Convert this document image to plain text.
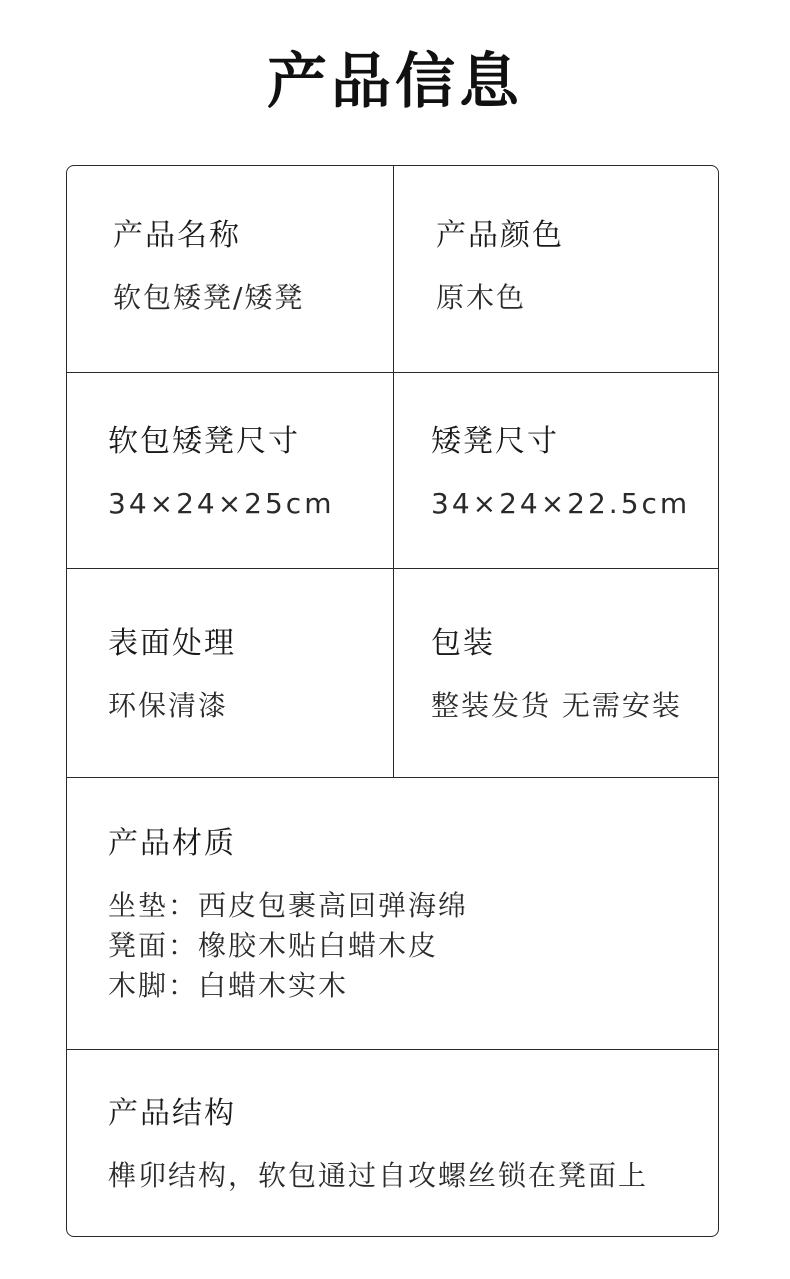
产品信息
产品名称
软包矮凳/矮凳
产品颜色
原木色
软包矮凳尺寸
34×24×25cm
矮凳尺寸
34×24×22.5cm
表面处理
环保清漆
包装
整装发货 无需安装
产品材质
坐垫：西皮包裹高回弹海绵
凳面：橡胶木贴白蜡木皮
木脚：白蜡木实木
产品结构
榫卯结构，软包通过自攻螺丝锁在凳面上
